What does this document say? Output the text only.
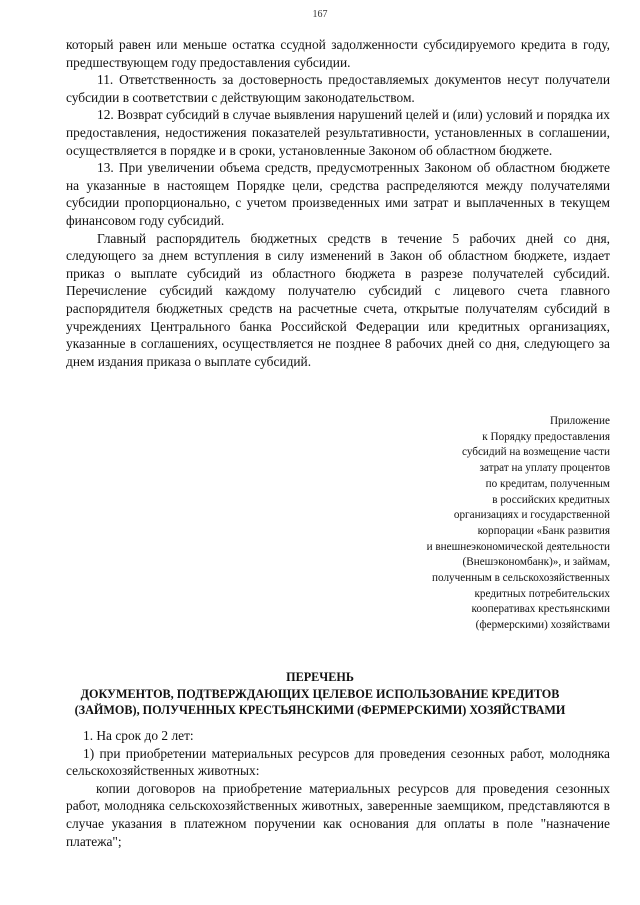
167

который равен или меньше остатка ссудной задолженности субсидируемого кредита в году, предшествующем году предоставления субсидии.

11. Ответственность за достоверность предоставляемых документов несут получатели субсидии в соответствии с действующим законодательством.

12. Возврат субсидий в случае выявления нарушений целей и (или) условий и порядка их предоставления, недостижения показателей результативности, установленных в соглашении, осуществляется в порядке и в сроки, установленные Законом об областном бюджете.

13. При увеличении объема средств, предусмотренных Законом об областном бюджете на указанные в настоящем Порядке цели, средства распределяются между получателями субсидии пропорционально, с учетом произведенных ими затрат и выплаченных в текущем финансовом году субсидий.

Главный распорядитель бюджетных средств в течение 5 рабочих дней со дня, следующего за днем вступления в силу изменений в Закон об областном бюджете, издает приказ о выплате субсидий из областного бюджета в разрезе получателей субсидий. Перечисление субсидий каждому получателю субсидий с лицевого счета главного распорядителя бюджетных средств на расчетные счета, открытые получателям субсидий в учреждениях Центрального банка Российской Федерации или кредитных организациях, указанные в соглашениях, осуществляется не позднее 8 рабочих дней со дня, следующего за днем издания приказа о выплате субсидий.

Приложение
к Порядку предоставления
субсидий на возмещение части
затрат на уплату процентов
по кредитам, полученным
в российских кредитных
организациях и государственной
корпорации «Банк развития
и внешнеэкономической деятельности
(Внешэкономбанк)», и займам,
полученным в сельскохозяйственных
кредитных потребительских
кооперативах крестьянскими
(фермерскими) хозяйствами
ПЕРЕЧЕНЬ
ДОКУМЕНТОВ, ПОДТВЕРЖДАЮЩИХ ЦЕЛЕВОЕ ИСПОЛЬЗОВАНИЕ КРЕДИТОВ
(ЗАЙМОВ), ПОЛУЧЕННЫХ КРЕСТЬЯНСКИМИ (ФЕРМЕРСКИМИ) ХОЗЯЙСТВАМИ

1. На срок до 2 лет:

1) при приобретении материальных ресурсов для проведения сезонных работ, молодняка сельскохозяйственных животных:

копии договоров на приобретение материальных ресурсов для проведения сезонных работ, молодняка сельскохозяйственных животных, заверенные заемщиком, представляются в случае указания в платежном поручении как основания для оплаты в поле "назначение платежа";
